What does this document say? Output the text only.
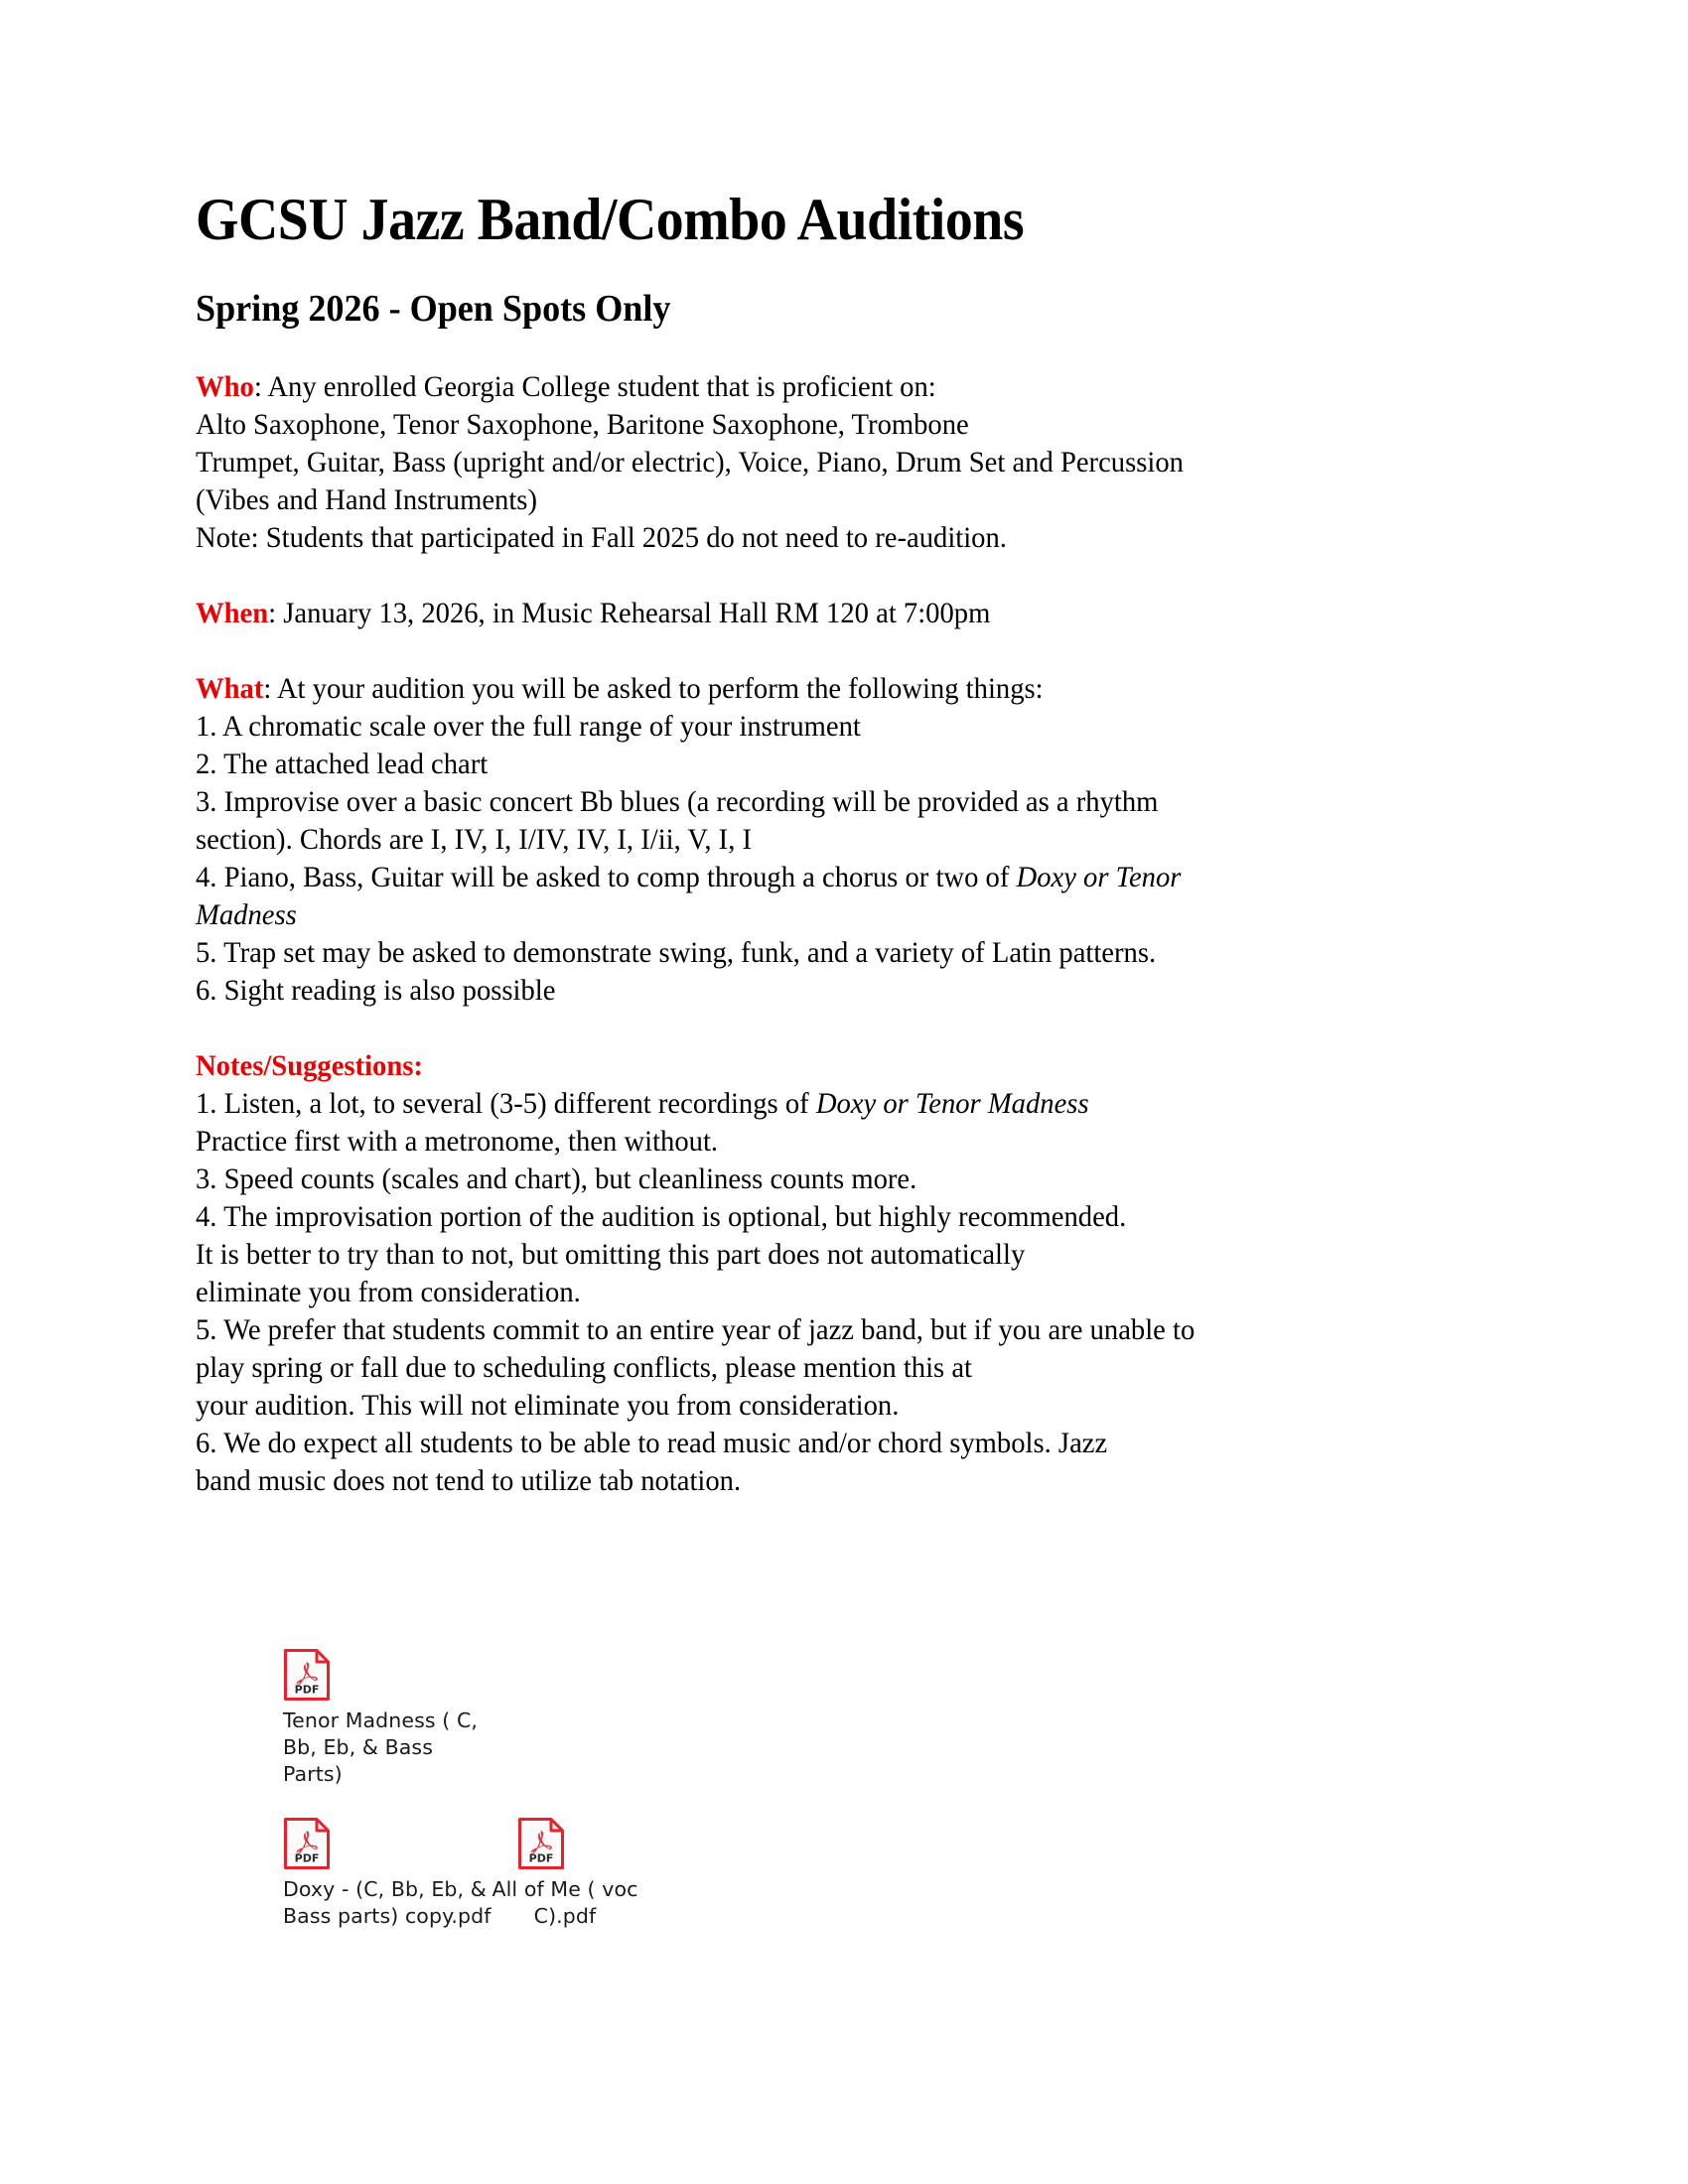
GCSU Jazz Band/Combo Auditions
Spring 2026 - Open Spots Only
Who: Any enrolled Georgia College student that is proficient on:
Alto Saxophone, Tenor Saxophone, Baritone Saxophone, Trombone
Trumpet, Guitar, Bass (upright and/or electric), Voice, Piano, Drum Set and Percussion
(Vibes and Hand Instruments)
Note: Students that participated in Fall 2025 do not need to re-audition.
When: January 13, 2026, in Music Rehearsal Hall RM 120 at 7:00pm
What: At your audition you will be asked to perform the following things:
1. A chromatic scale over the full range of your instrument
2. The attached lead chart
3. Improvise over a basic concert Bb blues (a recording will be provided as a rhythm
section). Chords are I, IV, I, I/IV, IV, I, I/ii, V, I, I
4. Piano, Bass, Guitar will be asked to comp through a chorus or two of Doxy or Tenor
Madness
5. Trap set may be asked to demonstrate swing, funk, and a variety of Latin patterns.
6. Sight reading is also possible
Notes/Suggestions:
1. Listen, a lot, to several (3-5) different recordings of Doxy or Tenor Madness
Practice first with a metronome, then without.
3. Speed counts (scales and chart), but cleanliness counts more.
4. The improvisation portion of the audition is optional, but highly recommended.
It is better to try than to not, but omitting this part does not automatically
eliminate you from consideration.
5. We prefer that students commit to an entire year of jazz band, but if you are unable to
play spring or fall due to scheduling conflicts, please mention this at
your audition. This will not eliminate you from consideration.
6. We do expect all students to be able to read music and/or chord symbols. Jazz
band music does not tend to utilize tab notation.
PDF
Tenor Madness ( C,
Bb, Eb, & Bass Parts)
PDF
Doxy - (C, Bb, Eb, &
Bass parts) copy.pdf
PDF
All of Me ( voc
C).pdf
